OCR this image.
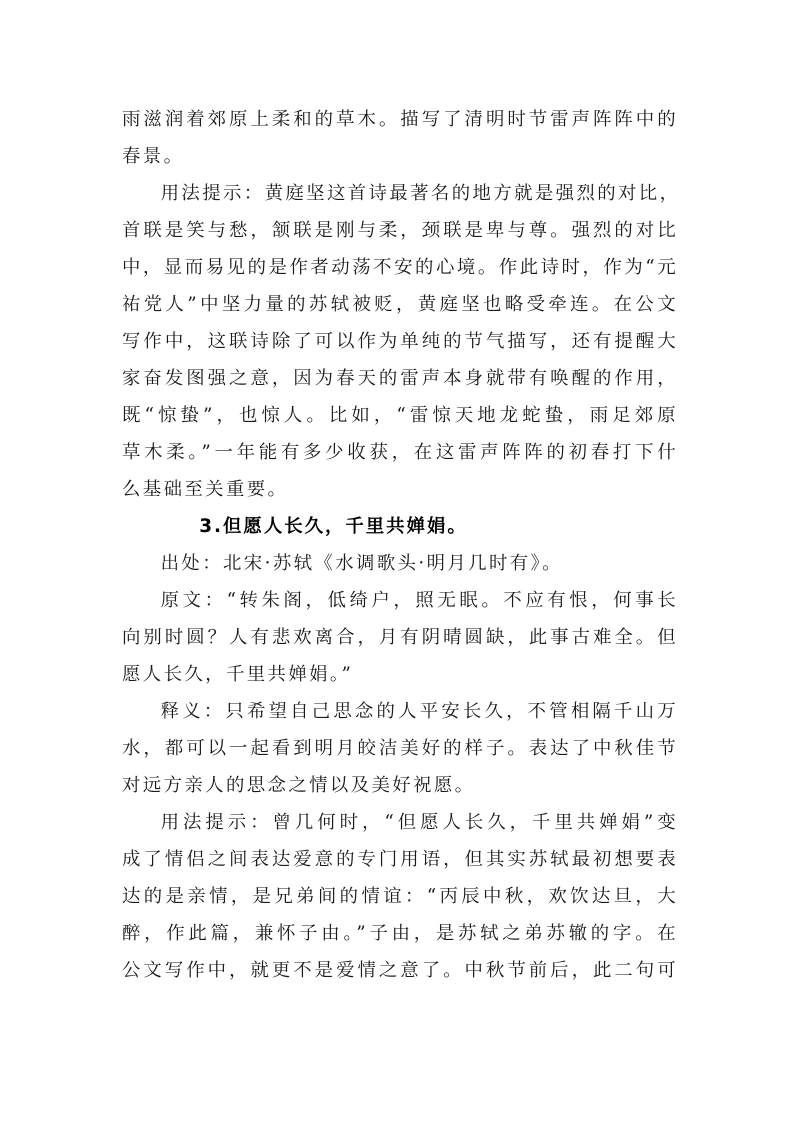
雨滋润着郊原上柔和的草木。描写了清明时节雷声阵阵中的
春景。
用法提示：黄庭坚这首诗最著名的地方就是强烈的对比，
首联是笑与愁，颔联是刚与柔，颈联是卑与尊。强烈的对比
中，显而易见的是作者动荡不安的心境。作此诗时，作为“元
祐党人”中坚力量的苏轼被贬，黄庭坚也略受牵连。在公文
写作中，这联诗除了可以作为单纯的节气描写，还有提醒大
家奋发图强之意，因为春天的雷声本身就带有唤醒的作用，
既“惊蛰”，也惊人。比如，“雷惊天地龙蛇蛰，雨足郊原
草木柔。”一年能有多少收获，在这雷声阵阵的初春打下什
么基础至关重要。
3.但愿人长久，千里共婵娟。
出处：北宋·苏轼《水调歌头·明月几时有》。
原文：“转朱阁，低绮户，照无眠。不应有恨，何事长
向别时圆？人有悲欢离合，月有阴晴圆缺，此事古难全。但
愿人长久，千里共婵娟。”
释义：只希望自己思念的人平安长久，不管相隔千山万
水，都可以一起看到明月皎洁美好的样子。表达了中秋佳节
对远方亲人的思念之情以及美好祝愿。
用法提示：曾几何时，“但愿人长久，千里共婵娟”变
成了情侣之间表达爱意的专门用语，但其实苏轼最初想要表
达的是亲情，是兄弟间的情谊：“丙辰中秋，欢饮达旦，大
醉，作此篇，兼怀子由。”子由，是苏轼之弟苏辙的字。在
公文写作中，就更不是爱情之意了。中秋节前后，此二句可
